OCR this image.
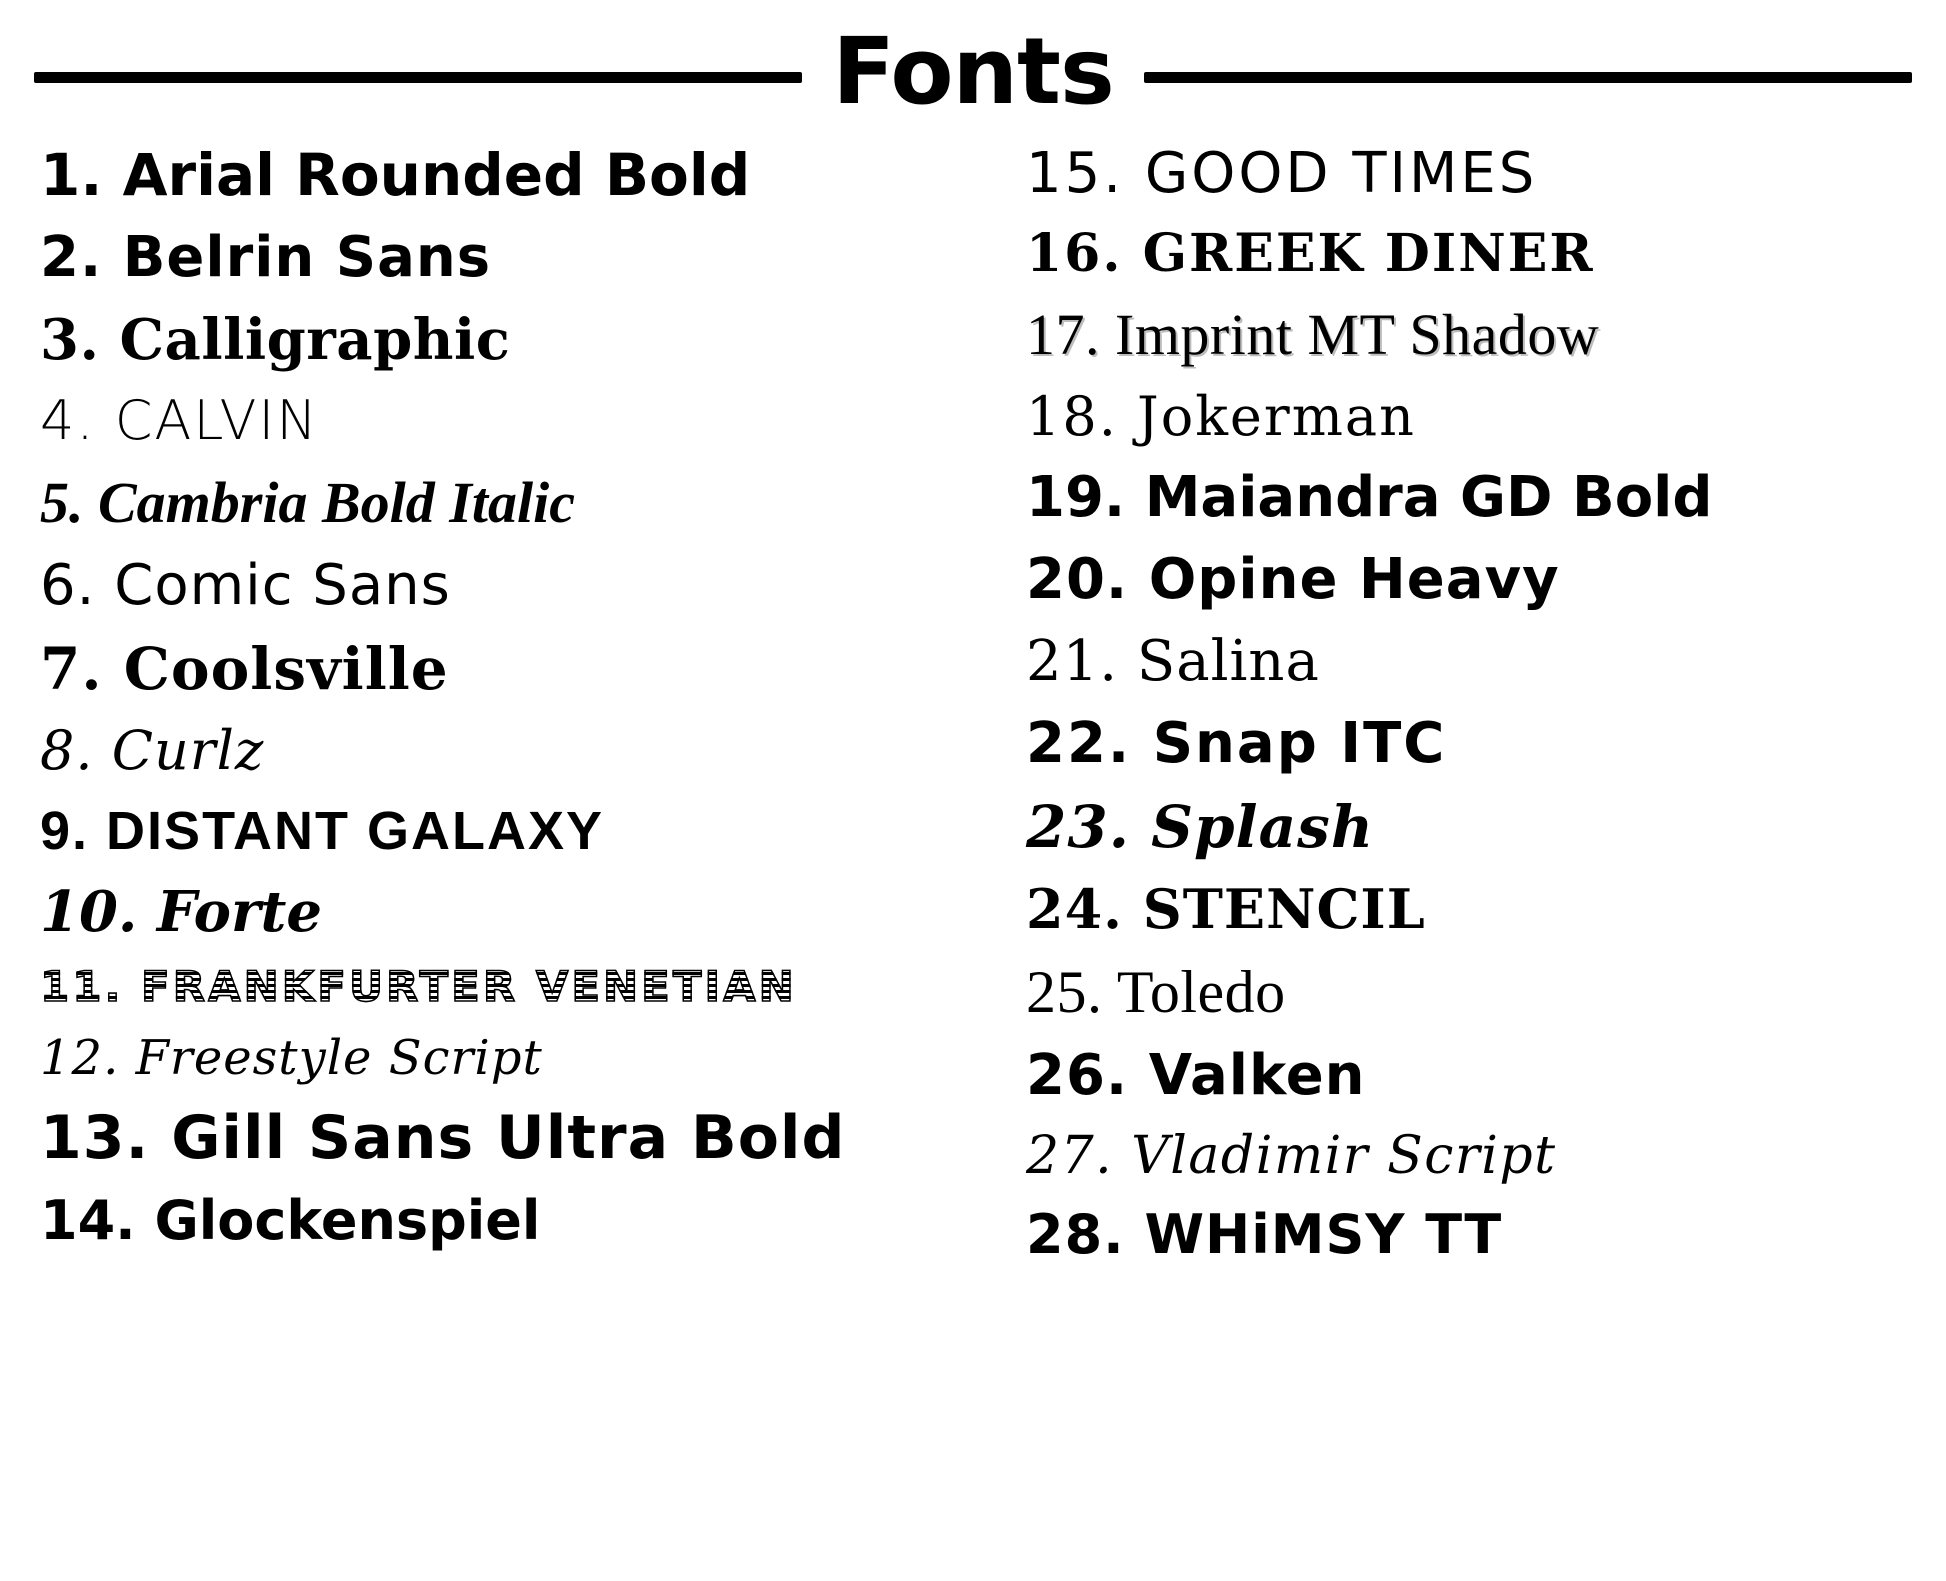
Fonts
1. Arial Rounded Bold
2. Belrin Sans
3. Calligraphic
4. CALVIN
5. Cambria Bold Italic
6. Comic Sans
7. Coolsville
8. Curlz
9. DISTANT GALAXY
10. Forte
11. FRANKFURTER VENETIAN
12. Freestyle Script
13. Gill Sans Ultra Bold
14. Glockenspiel
15. GOOD TIMES
16. GREEK DINER
17. Imprint MT Shadow
18. Jokerman
19. Maiandra GD Bold
20. Opine Heavy
21. Salina
22. Snap ITC
23. Splash
24. STENCIL
25. Toledo
26. Valken
27. Vladimir Script
28. WHiMSY TT
